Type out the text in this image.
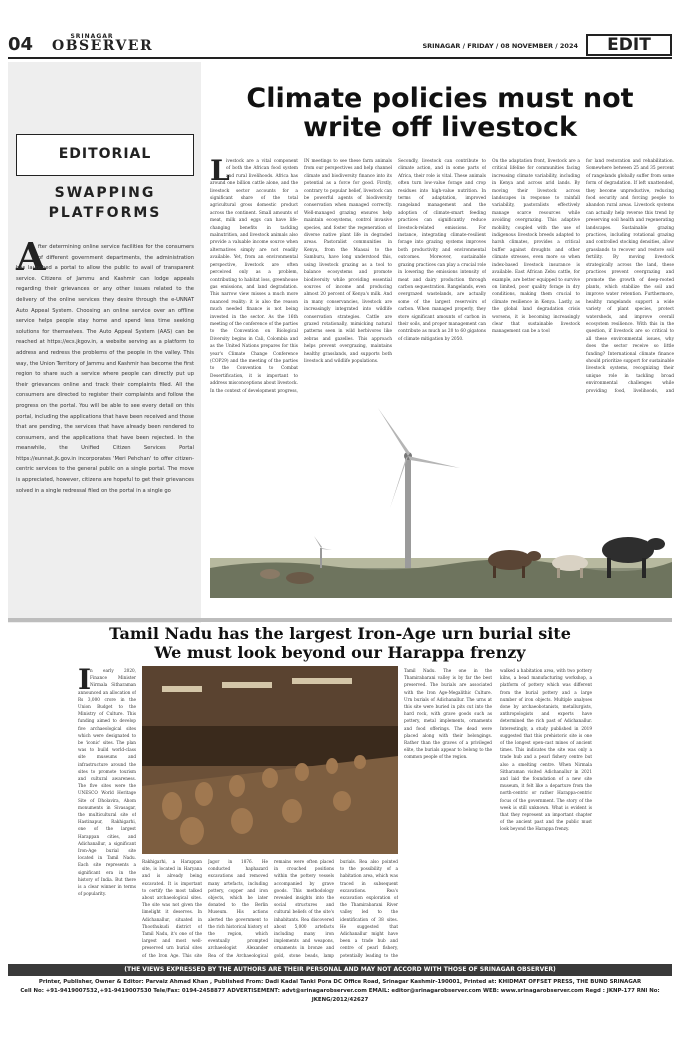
04	SRINAGAR
OBSERVER	SRINAGAR / FRIDAY / 08 NOVEMBER / 2024	EDIT
EDITORIAL
SWAPPING PLATFORMS
A
fter determining online service facilities for the consumers of different government departments, the administration has launched a portal to allow the public to avail of transparent service. Citizens of Jammu and Kashmir can lodge appeals regarding their grievances or any other issues related to the delivery of the online services they desire through the e-UNNAT Auto Appeal System. Choosing an online service over an offline service helps people stay home and spend less time seeking solutions for themselves. The Auto Appeal System (AAS) can be reached at https://ecs.jkgov.in, a website serving as a platform to address and redress the problems of the people in the valley. This way, the Union Territory of Jammu and Kashmir has become the first region to share such a service where people can directly put up their grievances online and track their complaints filed. All the consumers are directed to register their complaints and follow the progress on the portal. You will be able to see every detail on this portal, including the applications that have been received and those that are pending, the services that have already been rendered to consumers, and the applications that have been rejected. In the meanwhile, the Unified Citizen Services Portal https://eunnat.jk.gov.in incorporates 'Meri Pehchan' to offer citizen-centric services to the general public on a single portal. The move is appreciated, however, citizens are hopeful to get their grievances solved in a single redressal filed on the portal in a single go
Climate policies must not write off livestock
L
ivestock are a vital component of both the African food system and rural livelihoods. Africa has around one billion cattle alone, and the livestock sector accounts for a significant share of the total agricultural gross domestic product across the continent. Small amounts of meat, milk and eggs can have life-changing benefits in tackling malnutrition, and livestock animals also provide a valuable income source when alternatives simply are not readily available. Yet, from an environmental perspective, livestock are often perceived only as a problem, contributing to habitat loss, greenhouse gas emissions, and land degradation. This narrow view misses a much more nuanced reality: it is also the reason much needed finance is not being invested in the sector. As the 16th meeting of the conference of the parties to the Convention on Biological Diversity begins in Cali, Colombia and as the United Nations prepares for this year's Climate Change Conference (COP29) and the meeting of the parties to the Convention to Combat Desertification, it is important to address misconceptions about livestock. In the context of development progress,
IN meetings to see these farm animals from our perspectives and help channel climate and biodiversity finance into its potential as a force for good. Firstly, contrary to popular belief, livestock can be powerful agents of biodiversity conservation when managed correctly. Well-managed grazing ensures help maintain ecosystems, control invasive species, and foster the regeneration of diverse native plant life in degraded areas. Pastoralist communities in Kenya, from the Maasai to the Samburu, have long understood this, using livestock grazing as a tool to balance ecosystems and promote biodiversity while providing essential sources of income and producing almost 20 percent of Kenya's milk. And in many conservancies, livestock are increasingly integrated into wildlife conservation strategies. Cattle are grazed rotationally, mimicking natural patterns seen in wild herbivores like zebras and gazelles. This approach helps prevent overgrazing, maintains healthy grasslands, and supports both livestock and wildlife populations.
Secondly, livestock can contribute to climate action, and in some parts of Africa, their role is vital. These animals often turn low-value forage and crop residues into high-value nutrition. In terms of adaptation, improved rangeland management and the adoption of climate-smart feeding practices can significantly reduce livestock-related emissions. For instance, integrating climate-resilient forage into grazing systems improves both productivity and environmental outcomes. Moreover, sustainable grazing practices can play a crucial role in lowering the emissions intensity of meat and dairy production through carbon sequestration. Rangelands, even overgrazed wastelands, are actually some of the largest reservoirs of carbon. When managed properly, they store significant amounts of carbon in their soils, and proper management can contribute as much as 20 to 60 gigatons of climate mitigation by 2050.
On the adaptation front, livestock are a critical lifeline for communities facing increasing climate variability, including in Kenya and across arid lands. By moving their livestock across landscapes in response to rainfall variability, pastoralists effectively manage scarce resources while avoiding overgrazing. This adaptive mobility, coupled with the use of indigenous livestock breeds adapted to harsh climates, provides a critical buffer against droughts and other climate stresses, even more so when index-based livestock insurance is available. East African Zebu cattle, for example, are better equipped to survive on limited, poor quality forage in dry conditions, making them crucial to climate resilience in Kenya. Lastly, as the global land degradation crisis worsens, it is becoming increasingly clear that sustainable livestock management can be a tool
for land restoration and rehabilitation. Somewhere between 25 and 35 percent of rangelands globally suffer from some form of degradation. If left unattended, they become unproductive, reducing food security and forcing people to abandon rural areas. Livestock systems can actually help reverse this trend by preserving soil health and regenerating landscapes. Sustainable grazing practices, including rotational grazing and controlled stocking densities, allow grasslands to recover and restore soil fertility. By moving livestock strategically across the land, these practices prevent overgrazing and promote the growth of deep-rooted plants, which stabilize the soil and improve water retention. Furthermore, healthy rangelands support a wide variety of plant species, protect watersheds, and improve overall ecosystem resilience. With this in the question, if livestock are so critical to all these environmental issues, why does the sector receive so little funding? International climate finance should prioritize support for sustainable livestock systems, recognizing their unique role in tackling broad environmental challenges while providing food, livelihoods, and
Tamil Nadu has the largest Iron-Age urn burial site
We must look beyond our Harappa frenzy
I
n early 2020, Finance Minister Nirmala Sitharaman announced an allocation of Rs 3,000 crore in the Union Budget to the Ministry of Culture. This funding aimed to develop five archaeological sites which were designated to be 'iconic' sites. The plan was to build world-class site museums and infrastructure around the sites to promote tourism and cultural awareness. The five sites were the UNESCO World Heritage Site of Dholavira, Ahom monuments in Sivasagar, the multicultural site of Hastinapur, Rakhigarhi, one of the largest Harappan cities, and Adichanallur, a significant Iron-Age burial site located in Tamil Nadu. Each site represents a significant era in the history of India. But there is a clear winner in terms of popularity.
Rakhigarhi, a Harappan site, is located in Haryana and is already being excavated. It is important to certify the most talked about archaeological sites. The site was not given the limelight it deserves. In Adichanallur, situated in Thoothukudi district of Tamil Nadu, it's one of the largest and most well-preserved urn burial sites of the Iron Age. This site
Jagor in 1876. He conducted haphazard excavations and removed many artefacts, including pottery, copper and iron objects, which he later donated to the Berlin Museum. His actions alerted the government to the rich historical history of the region, which eventually prompted archaeologist Alexander Rea of the Archaeological
remains were often placed in crouched positions within the pottery vessels accompanied by grave goods. This methodology revealed insights into the social structures and cultural beliefs of the site's inhabitants. Rea discovered about 5,000 artefacts including many iron implements and weapons, ornaments in bronze and gold, stone beads, lamp
burials. Rea also pointed to the possibility of a habitation area, which was traced in subsequent excavations. Rea's excavation exploration of the Thamirabarani River valley led to the identification of 38 sites. He suggested that Adichanallur might have been a trade hub and centre of pearl fishery, potentially leading to the
Tamil Nadu. The one in the Thamirabarani valley is by far the best preserved. The burials are associated with the Iron Age-Megalithic Culture. Urn burials of Adichanallur. The urns at this site were buried in pits cut into the hard rock, with grave goods such as pottery, metal implements, ornaments and food offerings. The dead were placed along with their belongings. Rather than the graves of a privileged elite, the burials appear to belong to the common people of the region.
walked a habitation area, with two pottery kilns, a bead manufacturing workshop, a platform of pottery which was different from the burial pottery and a large number of iron objects. Multiple analyses done by archaeobotanists, metallurgists, anthropologists and experts have determined the rich past of Adichanallur. Interestingly, a study published in 2019 suggested that this prehistoric site is one of the longest open-cast mines of ancient times. This indicates the site was only a trade hub and a pearl fishery centre but also a smelting centre. When Nirmala Sitharaman visited Adichanallur in 2021 and laid the foundation of a new site museum, it felt like a departure from the north-centric or rather Harappa-centric focus of the government. The story of the week is still unknown. What is evident is that they represent an important chapter of the ancient past and the public must look beyond the Harappa frenzy.
(THE VIEWS EXPRESSED BY THE AUTHORS ARE THEIR PERSONAL AND MAY NOT ACCORD WITH THOSE OF SRINAGAR OBSERVER)
Printer, Publisher, Owner & Editor: Parvaiz Ahmad Khan , Published From: Dadi Kadal Tanki Pora DC Office Road, Srinagar Kashmir-190001, Printed at: KHIDMAT OFFSET PRESS, THE BUND SRINAGAR
Cell No: +91-9419007532,+91-9419007530 Tele/Fax: 0194-2458877 ADVERTISEMENT: advt@srinagarobserver.com EMAIL: editor@srinagarobserver.com WEB: www.srinagarobserver.com Regd : JKNP-177 RNI No: JKENG/2012/42627
